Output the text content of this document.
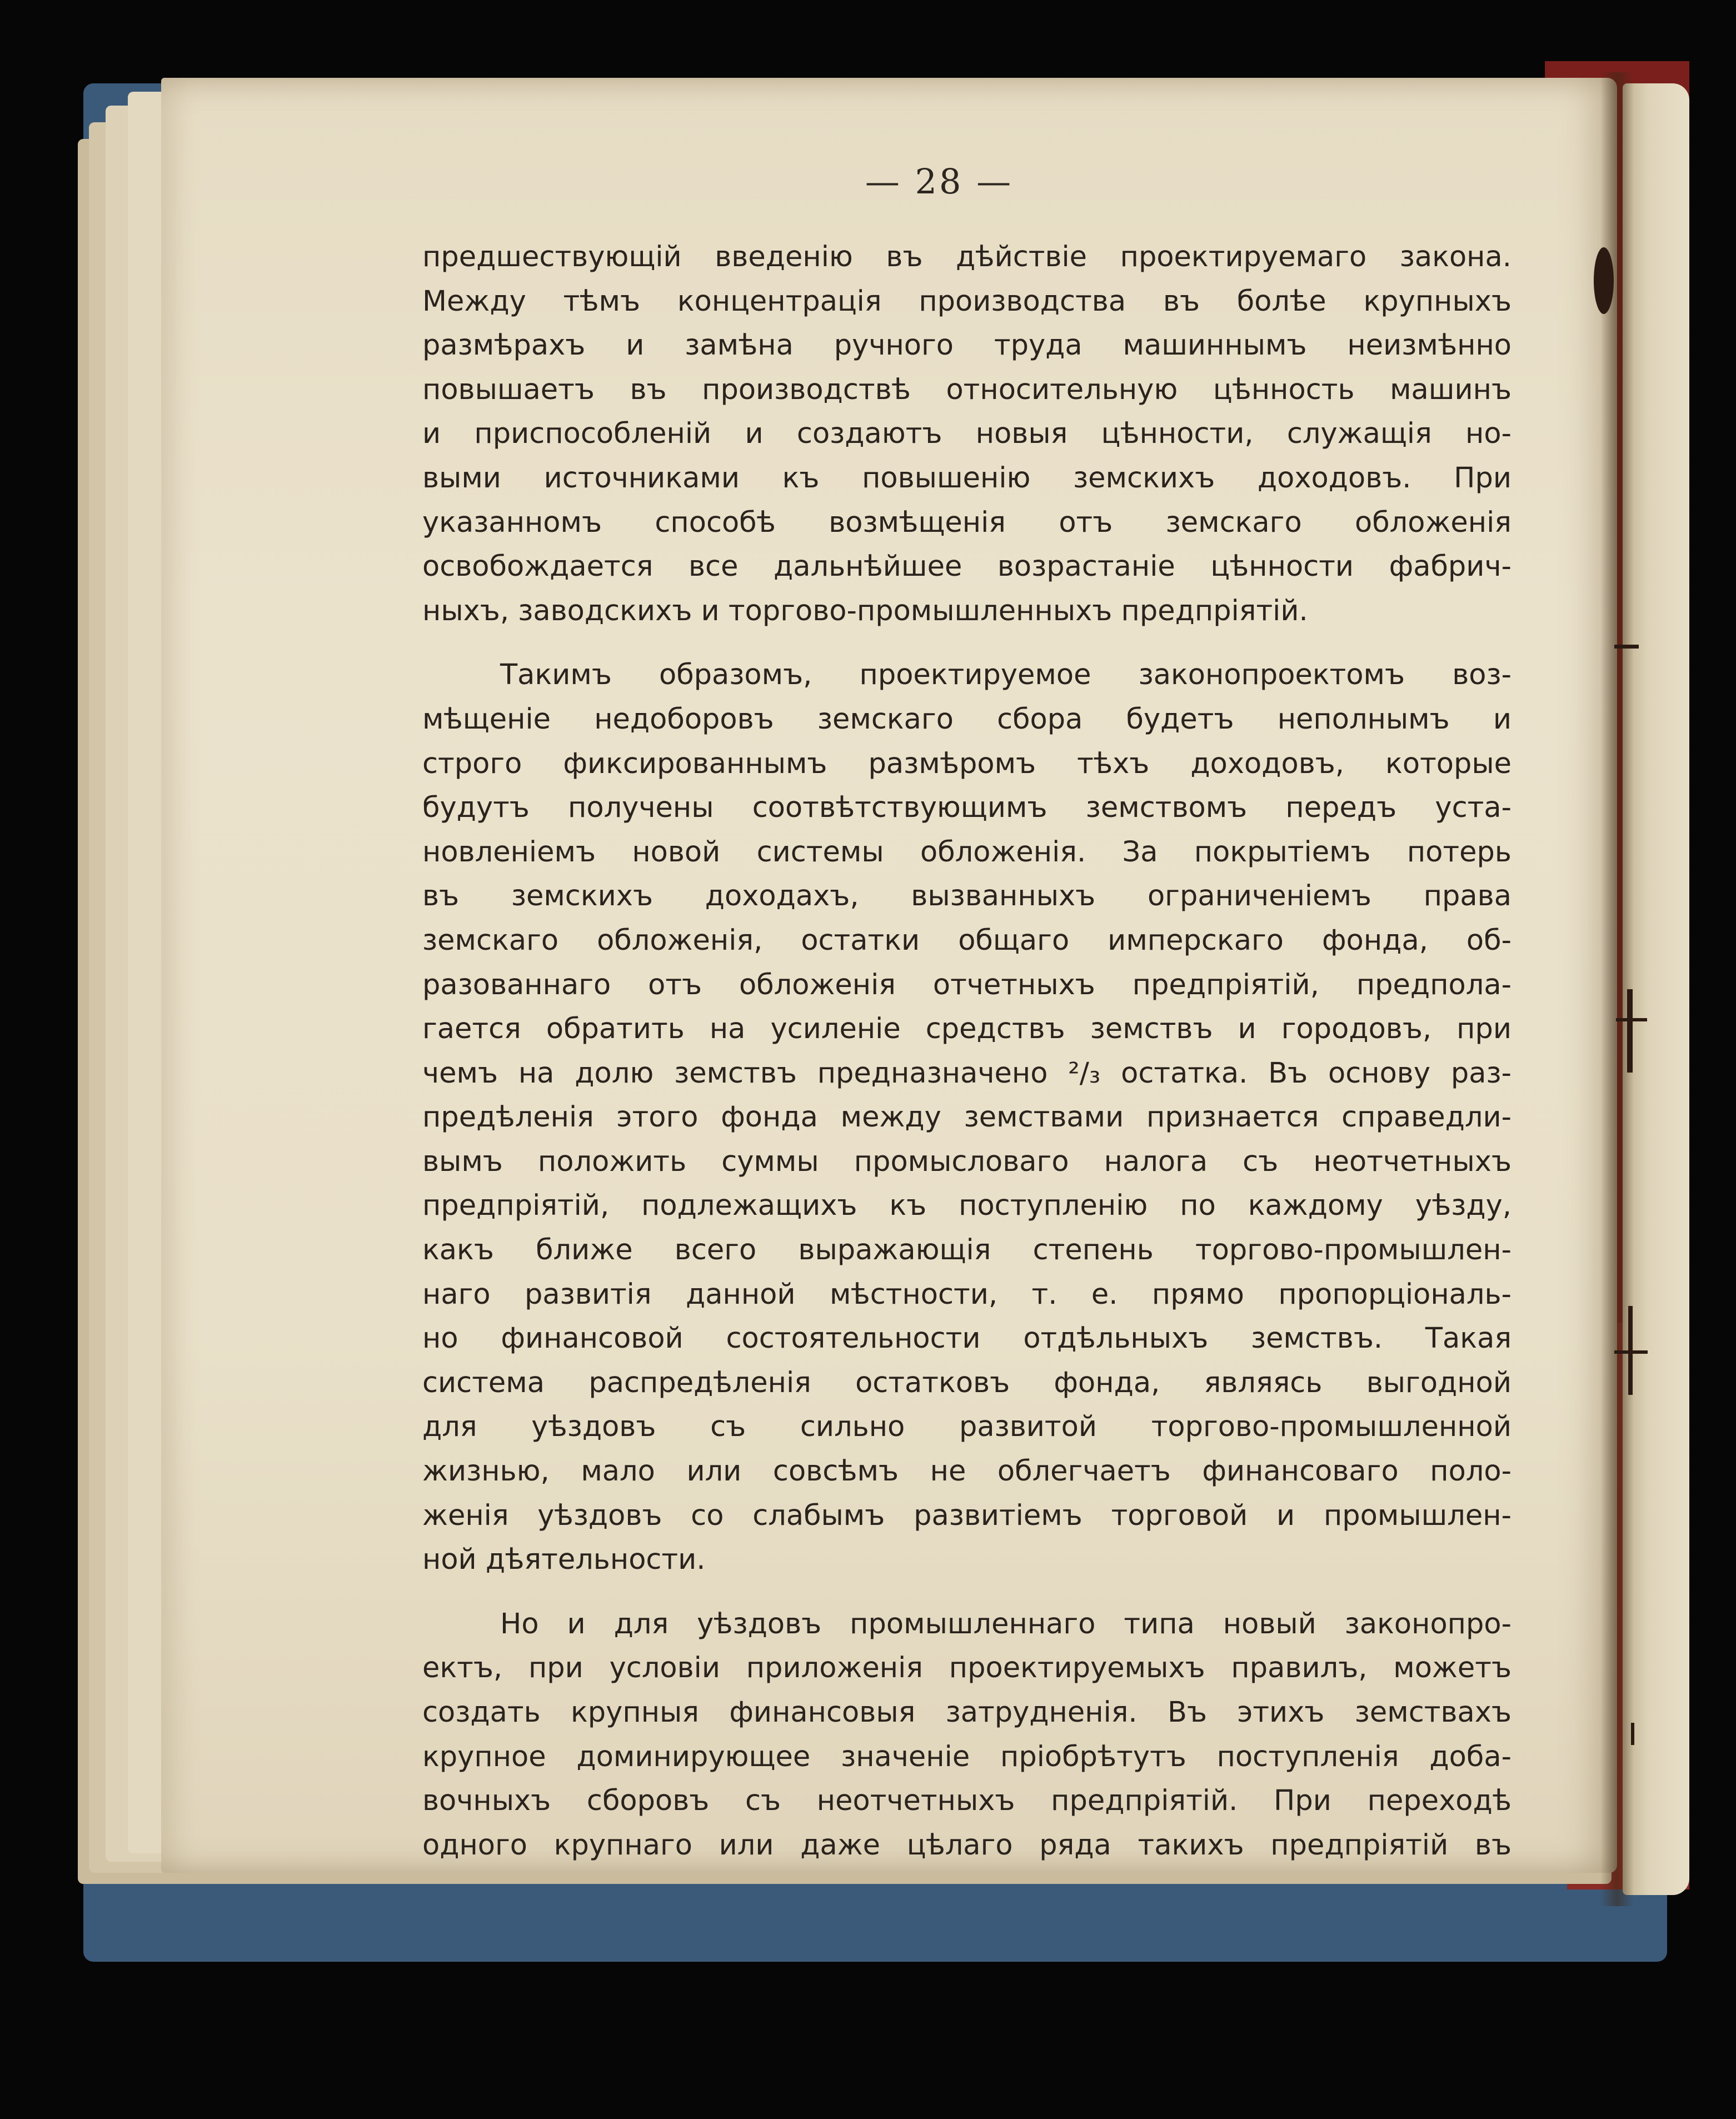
— 28 —
предшествующій введенію въ дѣйствіе проектируемаго закона.
Между тѣмъ концентрація производства въ болѣе крупныхъ
размѣрахъ и замѣна ручного труда машиннымъ неизмѣнно
повышаетъ въ производствѣ относительную цѣнность машинъ
и приспособленій и создаютъ новыя цѣнности, служащія но-
выми источниками къ повышенію земскихъ доходовъ. При
указанномъ способѣ возмѣщенія отъ земскаго обложенія
освобождается все дальнѣйшее возрастаніе цѣнности фабрич-
ныхъ, заводскихъ и торгово-промышленныхъ предпріятій.
Такимъ образомъ, проектируемое законопроектомъ воз-
мѣщеніе недоборовъ земскаго сбора будетъ неполнымъ и
строго фиксированнымъ размѣромъ тѣхъ доходовъ, которые
будутъ получены соотвѣтствующимъ земствомъ передъ уста-
новленіемъ новой системы обложенія. За покрытіемъ потерь
въ земскихъ доходахъ, вызванныхъ ограниченіемъ права
земскаго обложенія, остатки общаго имперскаго фонда, об-
разованнаго отъ обложенія отчетныхъ предпріятій, предпола-
гается обратить на усиленіе средствъ земствъ и городовъ, при
чемъ на долю земствъ предназначено ²/₃ остатка. Въ основу раз-
предѣленія этого фонда между земствами признается справедли-
вымъ положить суммы промысловаго налога съ неотчетныхъ
предпріятій, подлежащихъ къ поступленію по каждому уѣзду,
какъ ближе всего выражающія степень торгово-промышлен-
наго развитія данной мѣстности, т. е. прямо пропорціональ-
но финансовой состоятельности отдѣльныхъ земствъ. Такая
система распредѣленія остатковъ фонда, являясь выгодной
для уѣздовъ съ сильно развитой торгово-промышленной
жизнью, мало или совсѣмъ не облегчаетъ финансоваго поло-
женія уѣздовъ со слабымъ развитіемъ торговой и промышлен-
ной дѣятельности.
Но и для уѣздовъ промышленнаго типа новый законопро-
ектъ, при условіи приложенія проектируемыхъ правилъ, можетъ
создать крупныя финансовыя затрудненія. Въ этихъ земствахъ
крупное доминирующее значеніе пріобрѣтутъ поступленія доба-
вочныхъ сборовъ съ неотчетныхъ предпріятій. При переходѣ
одного крупнаго или даже цѣлаго ряда такихъ предпріятій въ
